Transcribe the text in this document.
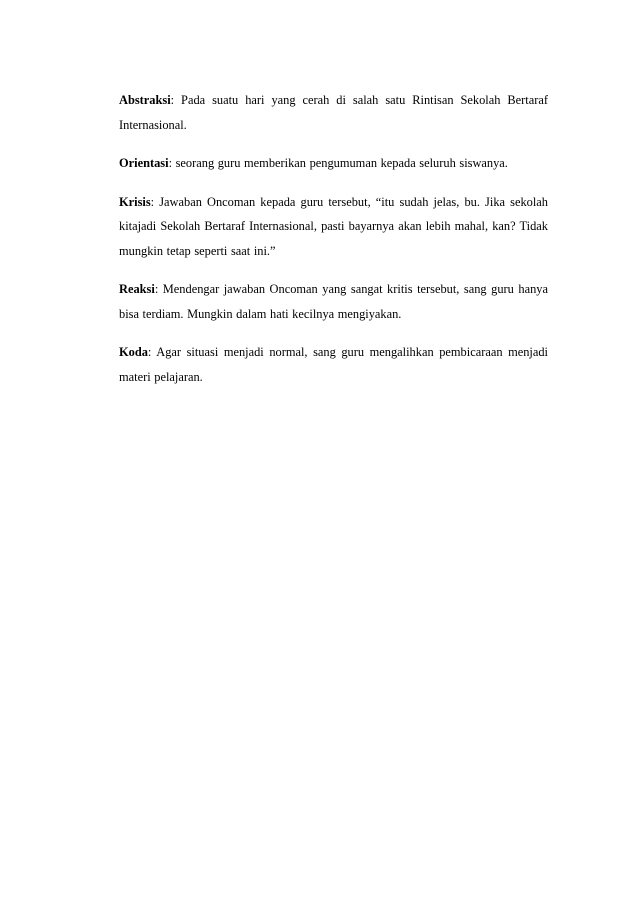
Abstraksi: Pada suatu hari yang cerah di salah satu Rintisan Sekolah Bertaraf Internasional.

Orientasi: seorang guru memberikan pengumuman kepada seluruh siswanya.

Krisis: Jawaban Oncoman kepada guru tersebut, “itu sudah jelas, bu. Jika sekolah kitajadi Sekolah Bertaraf Internasional, pasti bayarnya akan lebih mahal, kan? Tidak mungkin tetap seperti saat ini.”

Reaksi: Mendengar jawaban Oncoman yang sangat kritis tersebut, sang guru hanya bisa terdiam. Mungkin dalam hati kecilnya mengiyakan.

Koda: Agar situasi menjadi normal, sang guru mengalihkan pembicaraan menjadi materi pelajaran.
